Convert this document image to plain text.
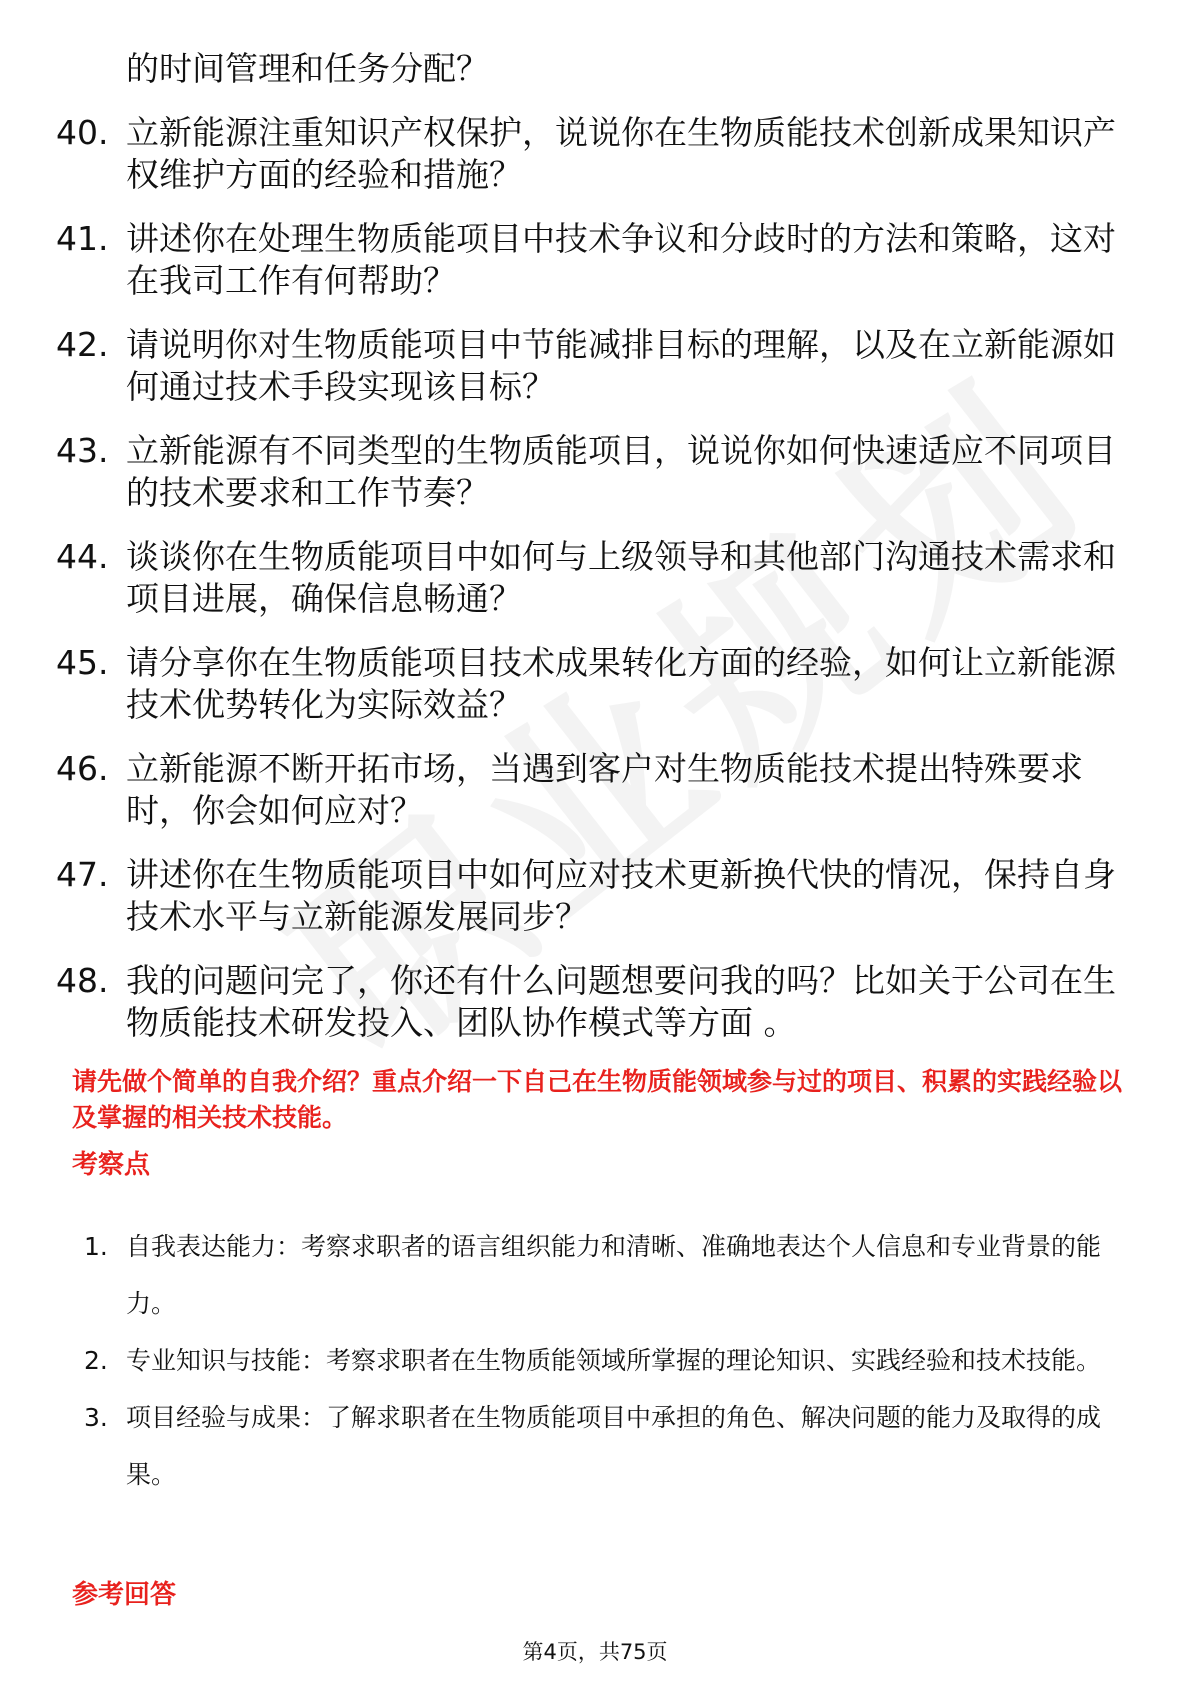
的时间管理和任务分配？
40. 立新能源注重知识产权保护，说说你在生物质能技术创新成果知识产权维护方面的经验和措施？
41. 讲述你在处理生物质能项目中技术争议和分歧时的方法和策略，这对在我司工作有何帮助？
42. 请说明你对生物质能项目中节能减排目标的理解，以及在立新能源如何通过技术手段实现该目标？
43. 立新能源有不同类型的生物质能项目，说说你如何快速适应不同项目的技术要求和工作节奏？
44. 谈谈你在生物质能项目中如何与上级领导和其他部门沟通技术需求和项目进展，确保信息畅通？
45. 请分享你在生物质能项目技术成果转化方面的经验，如何让立新能源技术优势转化为实际效益？
46. 立新能源不断开拓市场，当遇到客户对生物质能技术提出特殊要求时，你会如何应对？
47. 讲述你在生物质能项目中如何应对技术更新换代快的情况，保持自身技术水平与立新能源发展同步？
48. 我的问题问完了，你还有什么问题想要问我的吗？比如关于公司在生物质能技术研发投入、团队协作模式等方面 。
请先做个简单的自我介绍？重点介绍一下自己在生物质能领域参与过的项目、积累的实践经验以及掌握的相关技术技能。
考察点
1. 自我表达能力：考察求职者的语言组织能力和清晰、准确地表达个人信息和专业背景的能力。
2. 专业知识与技能：考察求职者在生物质能领域所掌握的理论知识、实践经验和技术技能。
3. 项目经验与成果：了解求职者在生物质能项目中承担的角色、解决问题的能力及取得的成果。
参考回答
第4页，共75页
